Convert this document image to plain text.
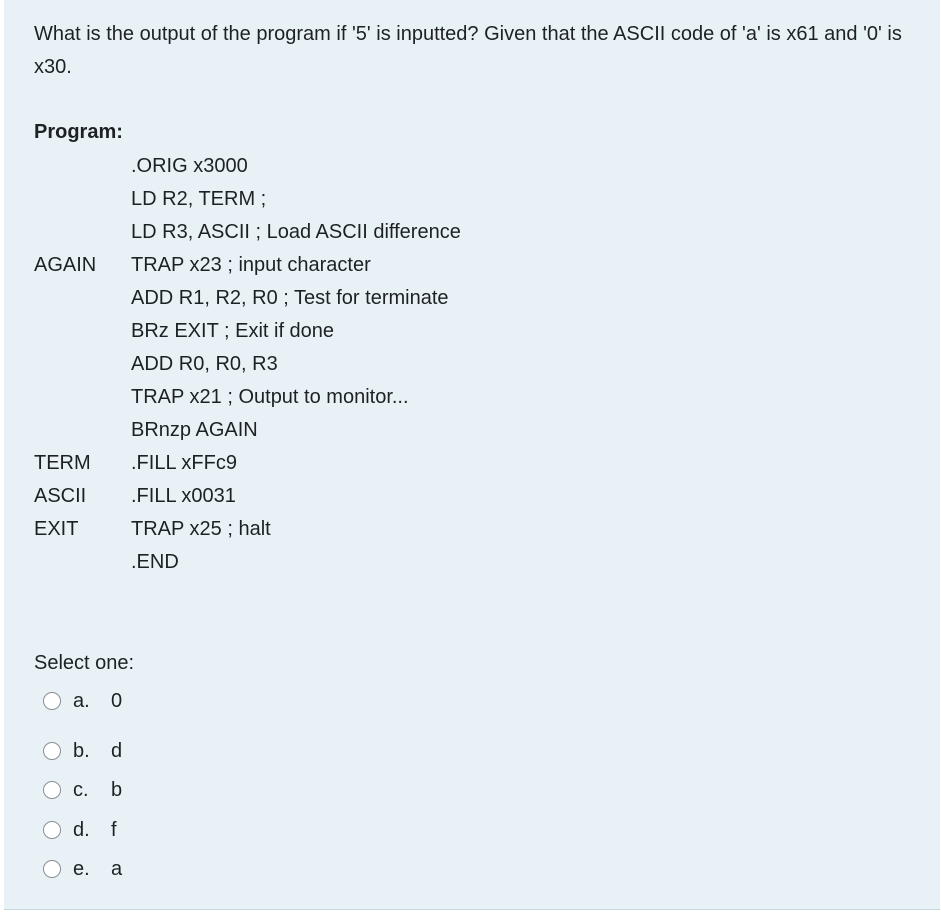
What is the output of the program if '5' is inputted? Given that the ASCII code of 'a' is x61 and '0' is x30.
Program:
.ORIG x3000
LD R2, TERM ;
LD R3, ASCII ; Load ASCII difference
AGAIN TRAP x23 ; input character
ADD R1, R2, R0 ; Test for terminate
BRz EXIT ; Exit if done
ADD R0, R0, R3
TRAP x21 ; Output to monitor...
BRnzp AGAIN
TERM .FILL xFFc9
ASCII .FILL x0031
EXIT	TRAP x25 ; halt
.END
Select one:
a.	0
b.	d
c.	b
d.	f
e.	a
